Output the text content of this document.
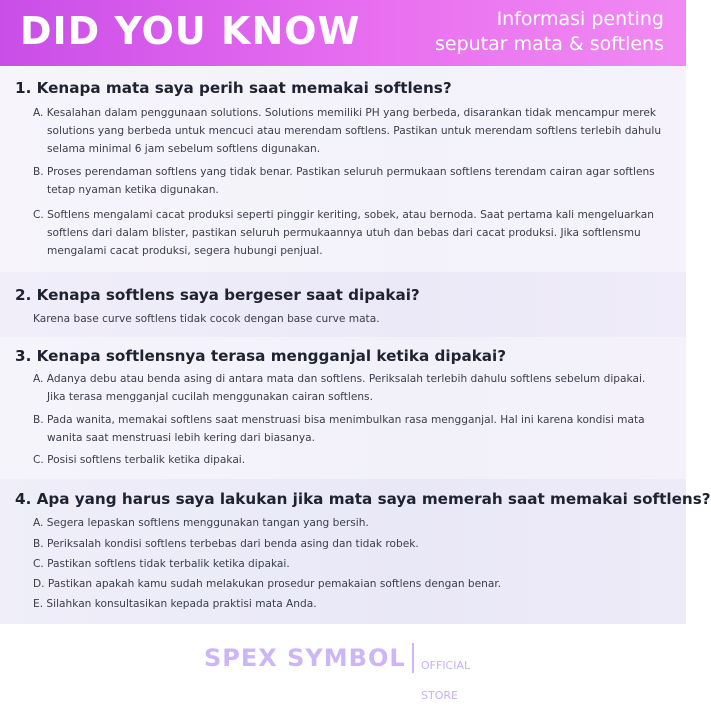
DID YOU KNOW	Informasi penting
seputar mata & softlens
1. Kenapa mata saya perih saat memakai softlens?
A. Kesalahan dalam penggunaan solutions. Solutions memiliki PH yang berbeda, disarankan tidak mencampur merek solutions yang berbeda untuk mencuci atau merendam softlens. Pastikan untuk merendam softlens terlebih dahulu selama minimal 6 jam sebelum softlens digunakan.
B. Proses perendaman softlens yang tidak benar. Pastikan seluruh permukaan softlens terendam cairan agar softlens tetap nyaman ketika digunakan.
C. Softlens mengalami cacat produksi seperti pinggir keriting, sobek, atau bernoda. Saat pertama kali mengeluarkan softlens dari dalam blister, pastikan seluruh permukaannya utuh dan bebas dari cacat produksi. Jika softlensmu mengalami cacat produksi, segera hubungi penjual.
2. Kenapa softlens saya bergeser saat dipakai?
Karena base curve softlens tidak cocok dengan base curve mata.
3. Kenapa softlensnya terasa mengganjal ketika dipakai?
A. Adanya debu atau benda asing di antara mata dan softlens. Periksalah terlebih dahulu softlens sebelum dipakai. Jika terasa mengganjal cucilah menggunakan cairan softlens.
B. Pada wanita, memakai softlens saat menstruasi bisa menimbulkan rasa mengganjal. Hal ini karena kondisi mata wanita saat menstruasi lebih kering dari biasanya.
C. Posisi softlens terbalik ketika dipakai.
4. Apa yang harus saya lakukan jika mata saya memerah saat memakai softlens?
A. Segera lepaskan softlens menggunakan tangan yang bersih.
B. Periksalah kondisi softlens terbebas dari benda asing dan tidak robek.
C. Pastikan softlens tidak terbalik ketika dipakai.
D. Pastikan apakah kamu sudah melakukan prosedur pemakaian softlens dengan benar.
E. Silahkan konsultasikan kepada praktisi mata Anda.
SPEX SYMBOL OFFICIAL

STORE
